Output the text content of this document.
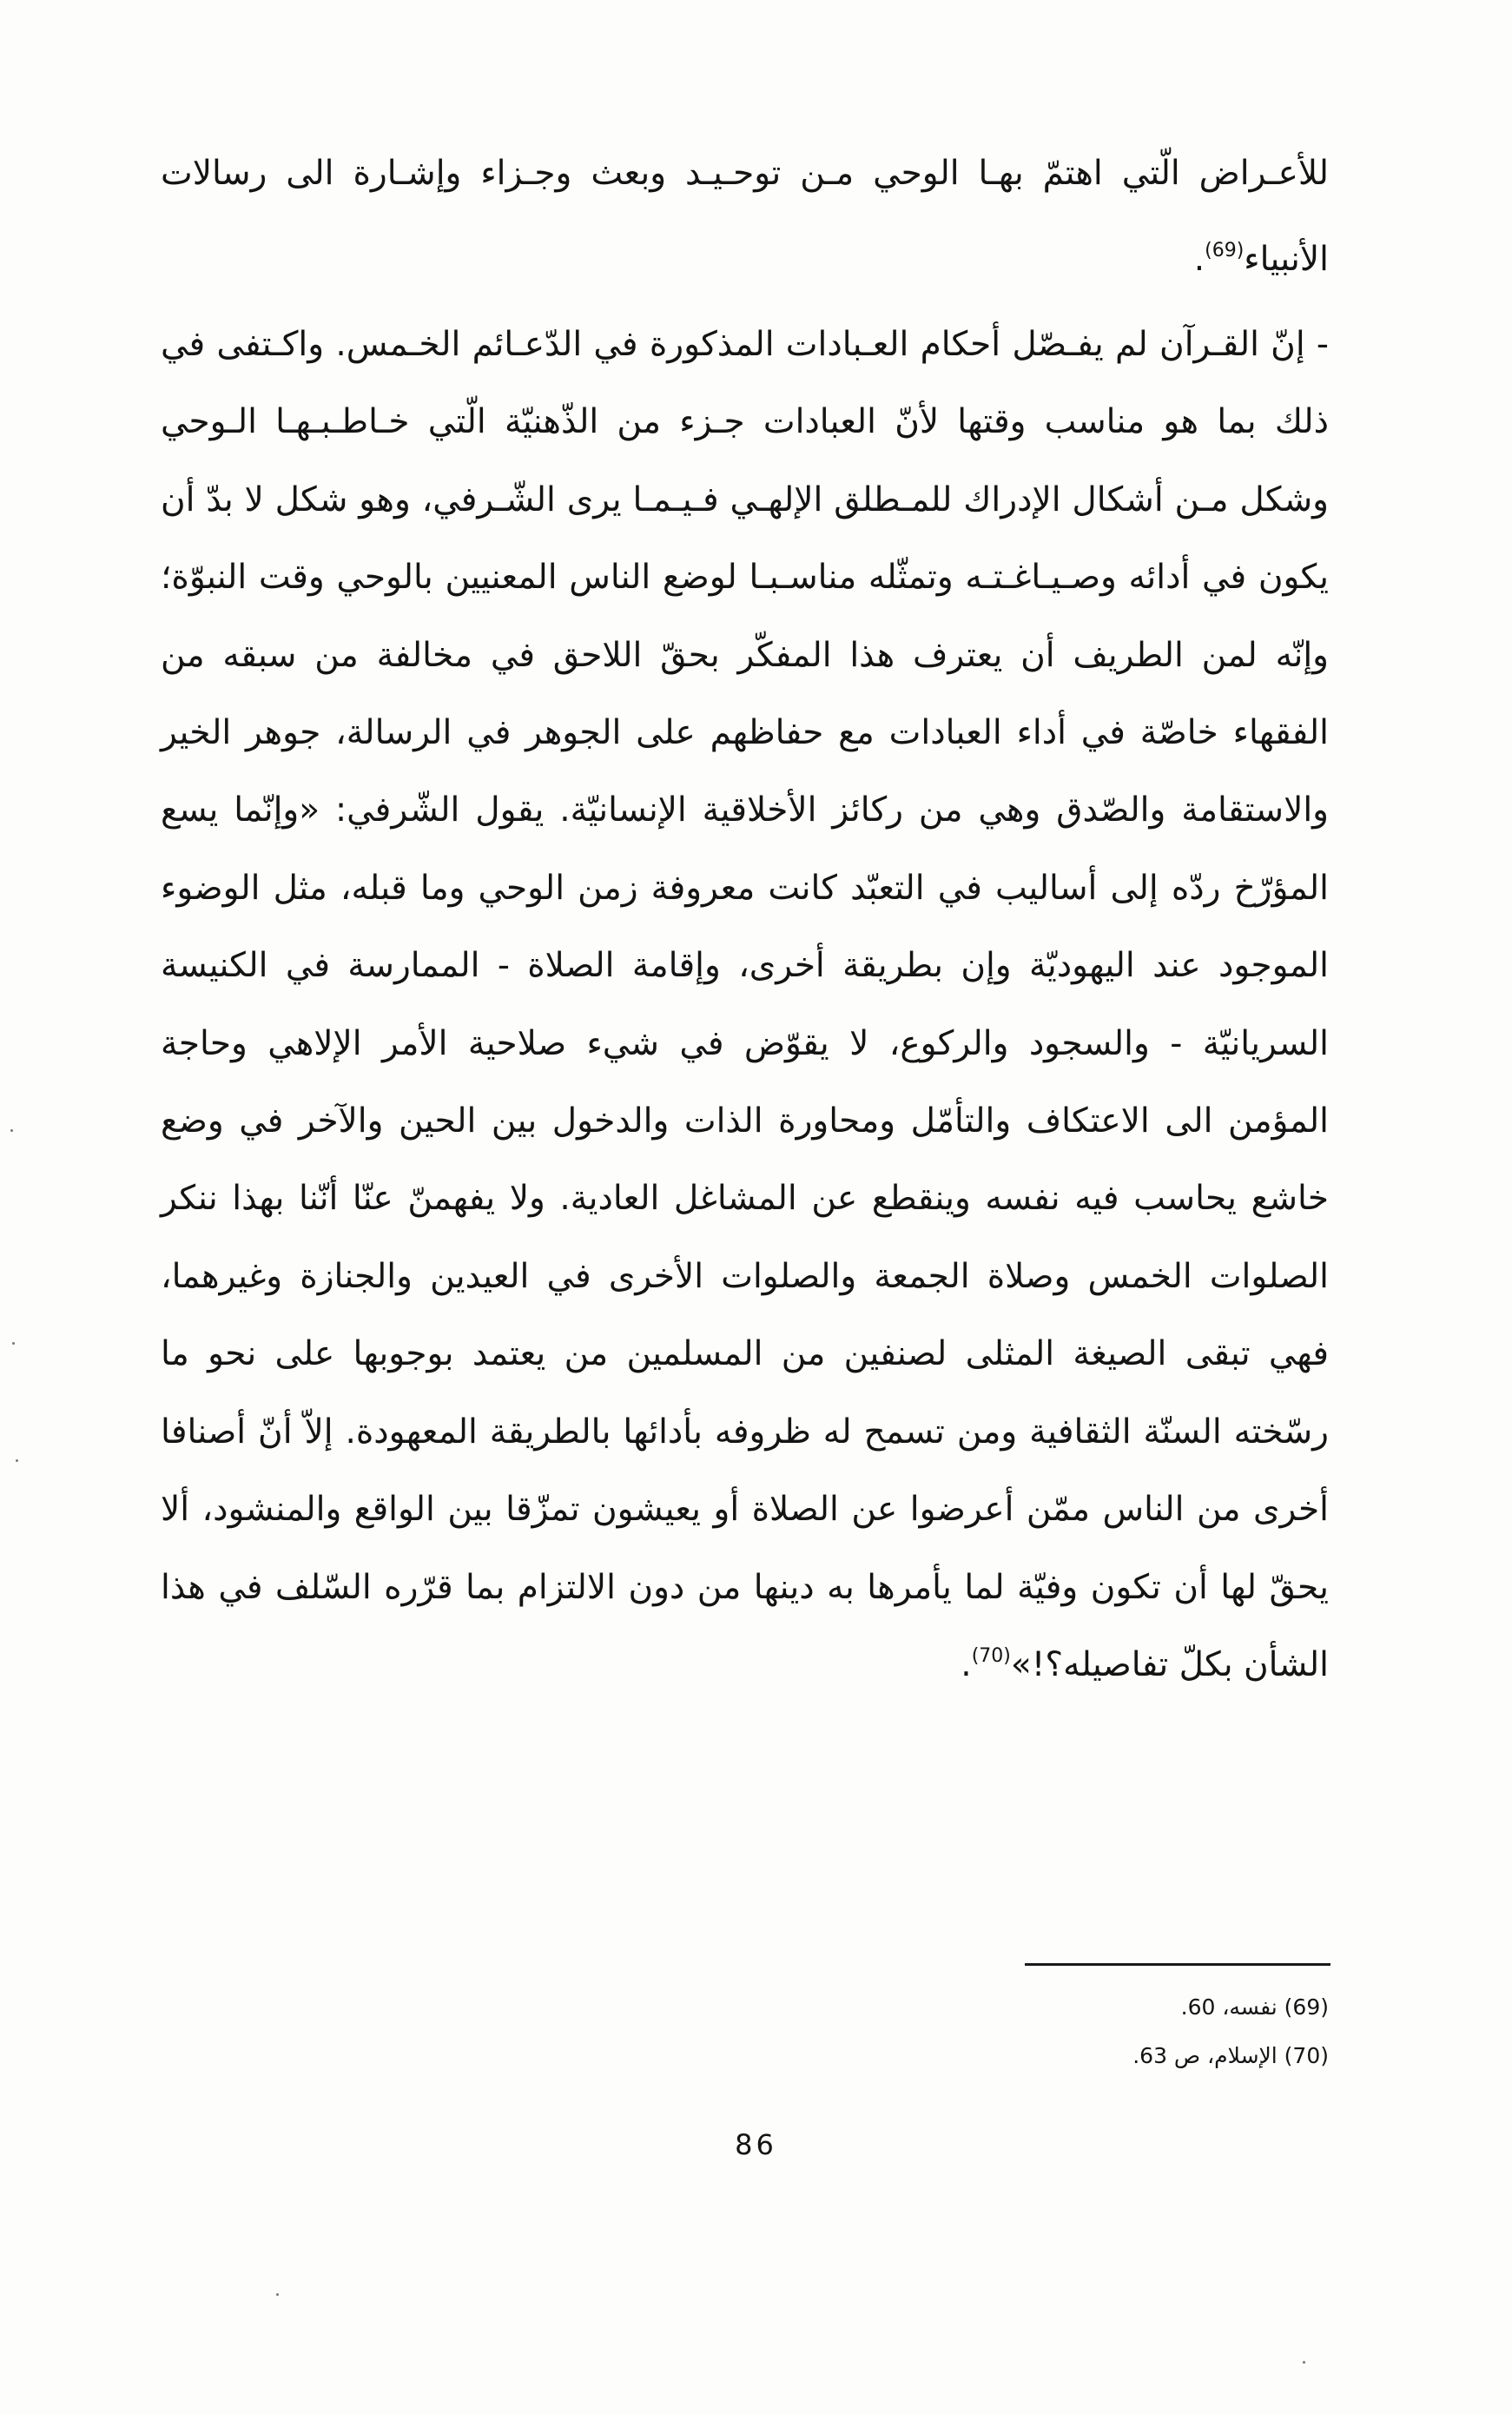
للأعـراض الّتي اهتمّ بهـا الوحي مـن توحـيـد وبعث وجـزاء وإشـارة الى رسالات الأنبياء$^{(69)}$.

- إنّ القـرآن لم يفـصّل أحكام العـبادات المذكورة في الدّعـائم الخـمس. واكـتفى في ذلك بما هو مناسب وقتها لأنّ العبادات جـزء من الذّهنيّة الّتي خـاطـبـهـا الـوحي وشكل مـن أشكال الإدراك للمـطلق الإلهـي فـيـمـا يرى الشّـرفي، وهو شكل لا بدّ أن يكون في أدائه وصـيـاغـتـه وتمثّله مناسـبـا لوضع الناس المعنيين بالوحي وقت النبوّة؛ وإنّه لمن الطريف أن يعترف هذا المفكّر بحقّ اللاحق في مخالفة من سبقه من الفقهاء خاصّة في أداء العبادات مع حفاظهم على الجوهر في الرسالة، جوهر الخير والاستقامة والصّدق وهي من ركائز الأخلاقية الإنسانيّة. يقول الشّرفي: «وإنّما يسع المؤرّخ ردّه إلى أساليب في التعبّد كانت معروفة زمن الوحي وما قبله، مثل الوضوء الموجود عند اليهوديّة وإن بطريقة أخرى، وإقامة الصلاة - الممارسة في الكنيسة السريانيّة - والسجود والركوع، لا يقوّض في شيء صلاحية الأمر الإلاهي وحاجة المؤمن الى الاعتكاف والتأمّل ومحاورة الذات والدخول بين الحين والآخر في وضع خاشع يحاسب فيه نفسه وينقطع عن المشاغل العادية. ولا يفهمنّ عنّا أنّنا بهذا ننكر الصلوات الخمس وصلاة الجمعة والصلوات الأخرى في العيدين والجنازة وغيرهما، فهي تبقى الصيغة المثلى لصنفين من المسلمين من يعتمد بوجوبها على نحو ما رسّخته السنّة الثقافية ومن تسمح له ظروفه بأدائها بالطريقة المعهودة. إلاّ أنّ أصنافا أخرى من الناس ممّن أعرضوا عن الصلاة أو يعيشون تمزّقا بين الواقع والمنشود، ألا يحقّ لها أن تكون وفيّة لما يأمرها به دينها من دون الالتزام بما قرّره السّلف في هذا الشأن بكلّ تفاصيله؟!»$^{(70)}$.

(69) نفسه، 60.
(70) الإسلام، ص 63.
86
